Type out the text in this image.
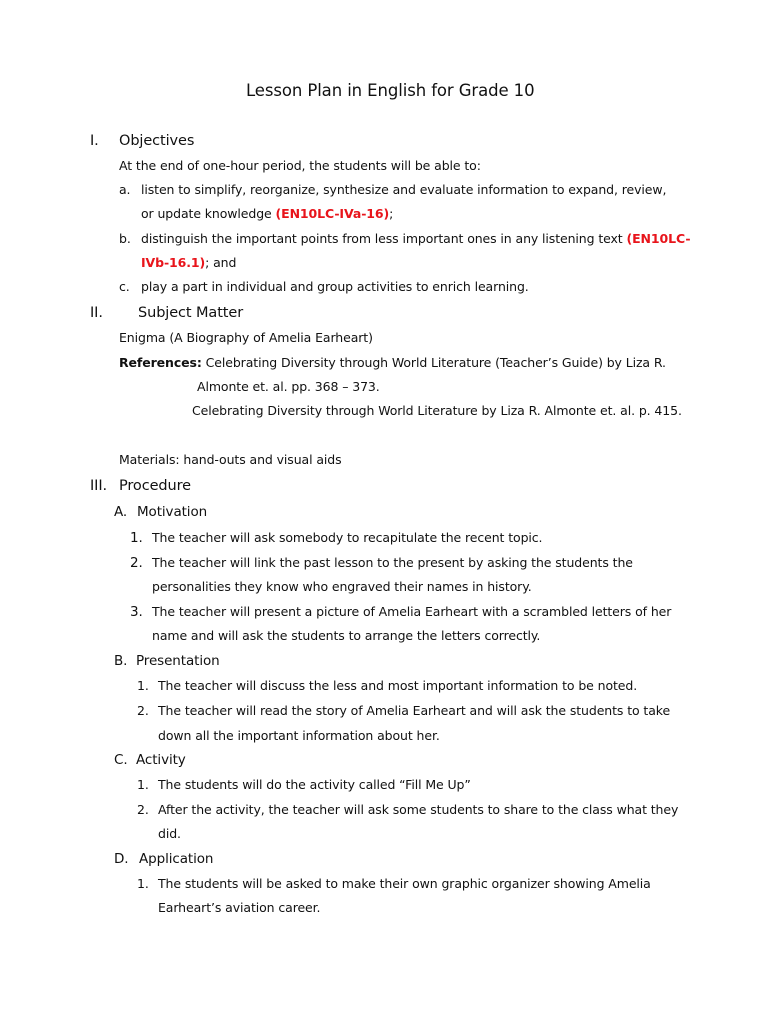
Lesson Plan in English for Grade 10
I. Objectives
At the end of one-hour period, the students will be able to:
a. listen to simplify, reorganize, synthesize and evaluate information to expand, review,
or update knowledge (EN10LC-IVa-16);
b. distinguish the important points from less important ones in any listening text (EN10LC-
IVb-16.1); and
c. play a part in individual and group activities to enrich learning.
II. Subject Matter
Enigma (A Biography of Amelia Earheart)
References: Celebrating Diversity through World Literature (Teacher’s Guide) by Liza R.
Almonte et. al. pp. 368 – 373.
Celebrating Diversity through World Literature by Liza R. Almonte et. al. p. 415.
Materials: hand-outs and visual aids
III. Procedure
A. Motivation
1. The teacher will ask somebody to recapitulate the recent topic.
2. The teacher will link the past lesson to the present by asking the students the
personalities they know who engraved their names in history.
3. The teacher will present a picture of Amelia Earheart with a scrambled letters of her
name and will ask the students to arrange the letters correctly.
B. Presentation
1. The teacher will discuss the less and most important information to be noted.
2. The teacher will read the story of Amelia Earheart and will ask the students to take
down all the important information about her.
C. Activity
1. The students will do the activity called “Fill Me Up”
2. After the activity, the teacher will ask some students to share to the class what they
did.
D. Application
1. The students will be asked to make their own graphic organizer showing Amelia
Earheart’s aviation career.
